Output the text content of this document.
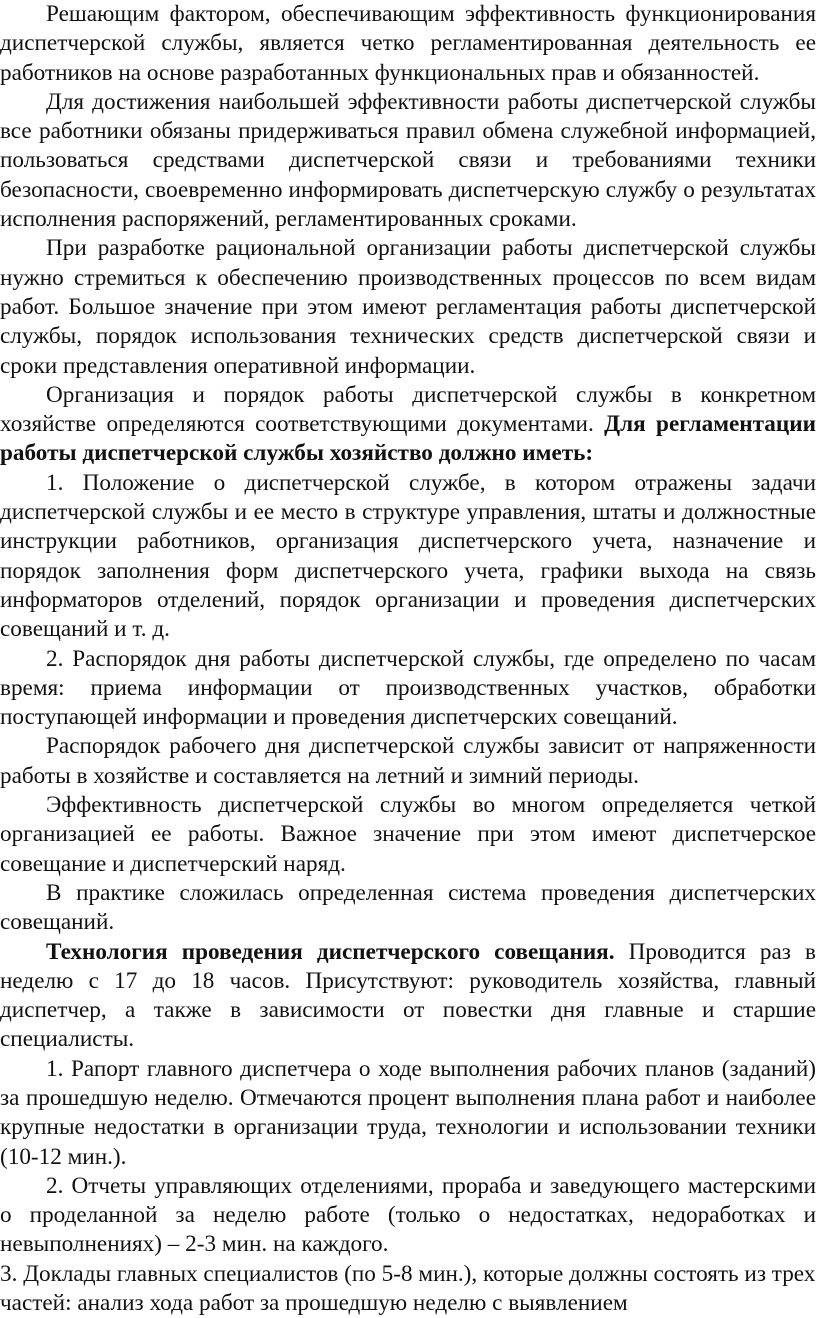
Решающим фактором, обеспечивающим эффективность функционирования диспетчерской службы, является четко регламентированная деятельность ее работников на основе разработанных функциональных прав и обязанностей.

Для достижения наибольшей эффективности работы диспетчерской службы все работники обязаны придерживаться правил обмена служебной информацией, пользоваться средствами диспетчерской связи и требованиями техники безопасности, своевременно информировать диспетчерскую службу о результатах исполнения распоряжений, регламентированных сроками.

При разработке рациональной организации работы диспетчерской службы нужно стремиться к обеспечению производственных процессов по всем видам работ. Большое значение при этом имеют регламентация работы диспетчерской службы, порядок использования технических средств диспетчерской связи и сроки представления оперативной информации.

Организация и порядок работы диспетчерской службы в конкретном хозяйстве определяются соответствующими документами. Для регламентации работы диспетчерской службы хозяйство должно иметь:

1. Положение о диспетчерской службе, в котором отражены задачи диспетчерской службы и ее место в структуре управления, штаты и должностные инструкции работников, организация диспетчерского учета, назначение и порядок заполнения форм диспетчерского учета, графики выхода на связь информаторов отделений, порядок организации и проведения диспетчерских совещаний и т. д.

2. Распорядок дня работы диспетчерской службы, где определено по часам время: приема информации от производственных участков, обработки поступающей информации и проведения диспетчерских совещаний.

Распорядок рабочего дня диспетчерской службы зависит от напряженности работы в хозяйстве и составляется на летний и зимний периоды.

Эффективность диспетчерской службы во многом определяется четкой организацией ее работы. Важное значение при этом имеют диспетчерское совещание и диспетчерский наряд.

В практике сложилась определенная система проведения диспетчерских совещаний.

Технология проведения диспетчерского совещания. Проводится раз в неделю с 17 до 18 часов. Присутствуют: руководитель хозяйства, главный диспетчер, а также в зависимости от повестки дня главные и старшие специалисты.

1. Рапорт главного диспетчера о ходе выполнения рабочих планов (заданий) за прошедшую неделю. Отмечаются процент выполнения плана работ и наиболее крупные недостатки в организации труда, технологии и использовании техники (10-12 мин.).

2. Отчеты управляющих отделениями, прораба и заведующего мастерскими о проделанной за неделю работе (только о недостатках, недоработках и невыполнениях) – 2-3 мин. на каждого.

3. Доклады главных специалистов (по 5-8 мин.), которые должны состоять из трех частей: анализ хода работ за прошедшую неделю с выявлением
